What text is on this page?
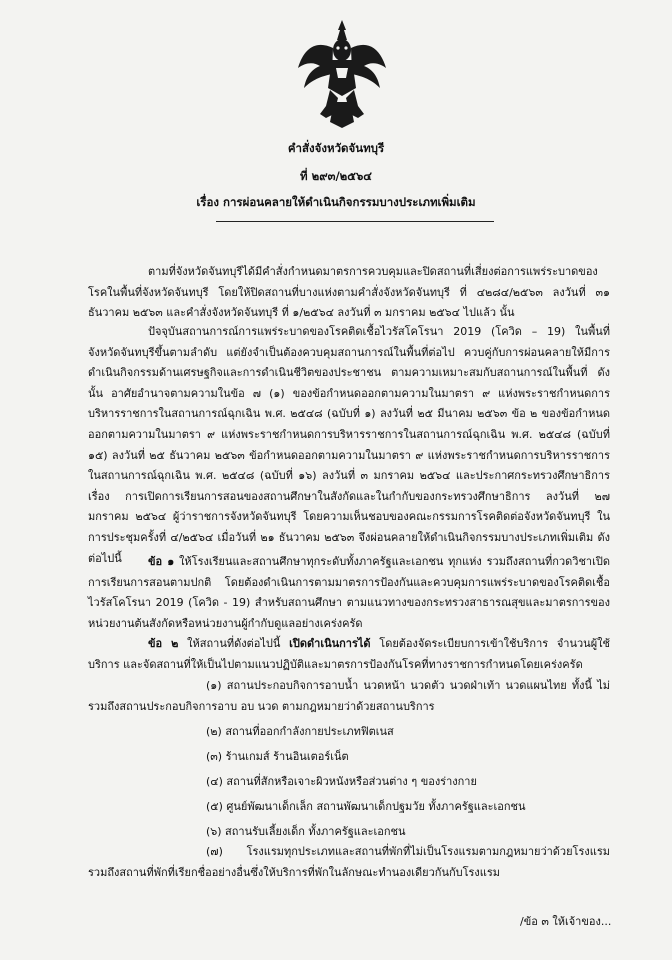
คำสั่งจังหวัดจันทบุรี
ที่ ๒๙๓/๒๕๖๔
เรื่อง การผ่อนคลายให้ดำเนินกิจกรรมบางประเภทเพิ่มเติม
ตามที่จังหวัดจันทบุรีได้มีคำสั่งกำหนดมาตรการควบคุมและปิดสถานที่เสี่ยงต่อการแพร่ระบาดของโรคในพื้นที่จังหวัดจันทบุรี โดยให้ปิดสถานที่บางแห่งตามคำสั่งจังหวัดจันทบุรี ที่ ๔๒๘๔/๒๕๖๓ ลงวันที่ ๓๑ ธันวาคม ๒๕๖๓ และคำสั่งจังหวัดจันทบุรี ที่ ๑/๒๕๖๔ ลงวันที่ ๓ มกราคม ๒๕๖๔ ไปแล้ว นั้น
ปัจจุบันสถานการณ์การแพร่ระบาดของโรคติดเชื้อไวรัสโคโรนา 2019 (โควิด – 19) ในพื้นที่จังหวัดจันทบุรีขึ้นตามลำดับ แต่ยังจำเป็นต้องควบคุมสถานการณ์ในพื้นที่ต่อไป ควบคู่กับการผ่อนคลายให้มีการดำเนินกิจกรรมด้านเศรษฐกิจและการดำเนินชีวิตของประชาชน ตามความเหมาะสมกับสถานการณ์ในพื้นที่ ดังนั้น อาศัยอำนาจตามความในข้อ ๗ (๑) ของข้อกำหนดออกตามความในมาตรา ๙ แห่งพระราชกำหนดการบริหารราชการในสถานการณ์ฉุกเฉิน พ.ศ. ๒๕๔๘ (ฉบับที่ ๑) ลงวันที่ ๒๕ มีนาคม ๒๕๖๓ ข้อ ๒ ของข้อกำหนดออกตามความในมาตรา ๙ แห่งพระราชกำหนดการบริหารราชการในสถานการณ์ฉุกเฉิน พ.ศ. ๒๕๔๘ (ฉบับที่ ๑๕) ลงวันที่ ๒๕ ธันวาคม ๒๕๖๓ ข้อกำหนดออกตามความในมาตรา ๙ แห่งพระราชกำหนดการบริหารราชการในสถานการณ์ฉุกเฉิน พ.ศ. ๒๕๔๘ (ฉบับที่ ๑๖) ลงวันที่ ๓ มกราคม ๒๕๖๔ และประกาศกระทรวงศึกษาธิการ เรื่อง การเปิดการเรียนการสอนของสถานศึกษาในสังกัดและในกำกับของกระทรวงศึกษาธิการ ลงวันที่ ๒๗ มกราคม ๒๕๖๔ ผู้ว่าราชการจังหวัดจันทบุรี โดยความเห็นชอบของคณะกรรมการโรคติดต่อจังหวัดจันทบุรี ในการประชุมครั้งที่ ๔/๒๕๖๔ เมื่อวันที่ ๒๑ ธันวาคม ๒๕๖๓ จึงผ่อนคลายให้ดำเนินกิจกรรมบางประเภทเพิ่มเติม ดังต่อไปนี้	ข้อ ๑ ให้โรงเรียนและสถานศึกษาทุกระดับทั้งภาครัฐและเอกชน ทุกแห่ง รวมถึงสถานที่กวดวิชาเปิดการเรียนการสอนตามปกติ โดยต้องดำเนินการตามมาตรการป้องกันและควบคุมการแพร่ระบาดของโรคติดเชื้อไวรัสโคโรนา 2019 (โควิด - 19) สำหรับสถานศึกษา ตามแนวทางของกระทรวงสาธารณสุขและมาตรการของหน่วยงานต้นสังกัดหรือหน่วยงานผู้กำกับดูแลอย่างเคร่งครัด
ข้อ ๒ ให้สถานที่ดังต่อไปนี้ เปิดดำเนินการได้ โดยต้องจัดระเบียบการเข้าใช้บริการ จำนวนผู้ใช้บริการ และจัดสถานที่ให้เป็นไปตามแนวปฏิบัติและมาตรการป้องกันโรคที่ทางราชการกำหนดโดยเคร่งครัด
(๑) สถานประกอบกิจการอาบน้ำ นวดหน้า นวดตัว นวดฝ่าเท้า นวดแผนไทย ทั้งนี้ ไม่รวมถึงสถานประกอบกิจการอาบ อบ นวด ตามกฎหมายว่าด้วยสถานบริการ
(๒) สถานที่ออกกำลังกายประเภทฟิตเนส
(๓) ร้านเกมส์ ร้านอินเตอร์เน็ต
(๔) สถานที่สักหรือเจาะผิวหนังหรือส่วนต่าง ๆ ของร่างกาย
(๕) ศูนย์พัฒนาเด็กเล็ก สถานพัฒนาเด็กปฐมวัย ทั้งภาครัฐและเอกชน
(๖) สถานรับเลี้ยงเด็ก ทั้งภาครัฐและเอกชน
(๗) โรงแรมทุกประเภทและสถานที่พักที่ไม่เป็นโรงแรมตามกฎหมายว่าด้วยโรงแรม รวมถึงสถานที่พักที่เรียกชื่ออย่างอื่นซึ่งให้บริการที่พักในลักษณะทำนองเดียวกันกับโรงแรม
/ข้อ ๓ ให้เจ้าของ...
